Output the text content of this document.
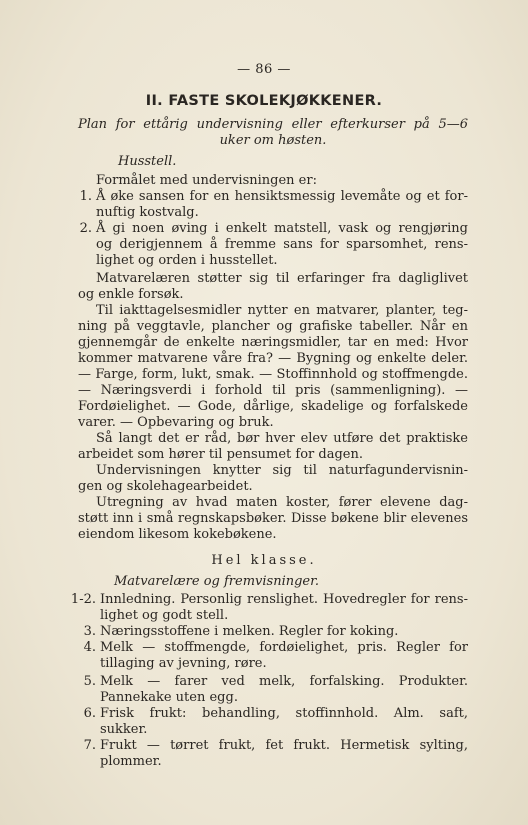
— 86 —
II. FASTE SKOLEKJØKKENER.
Plan for ettårig undervisning eller efterkurser på 5—6
uker om høsten.
Husstell.
Formålet med undervisningen er:
1. Å øke sansen for en hensiktsmessig levemåte og et for-
nuftig kostvalg.
2. Å gi noen øving i enkelt matstell, vask og rengjøring
og derigjennem å fremme sans for sparsomhet, rens-
lighet og orden i husstellet.
Matvarelæren støtter sig til erfaringer fra dagliglivet
og enkle forsøk.
Til iakttagelsesmidler nytter en matvarer, planter, teg-
ning på veggtavle, plancher og grafiske tabeller. Når en
gjennemgår de enkelte næringsmidler, tar en med: Hvor
kommer matvarene våre fra? — Bygning og enkelte deler.
— Farge, form, lukt, smak. — Stoffinnhold og stoffmengde.
— Næringsverdi i forhold til pris (sammenligning). —
Fordøielighet. — Gode, dårlige, skadelige og forfalskede
varer. — Opbevaring og bruk.
Så langt det er råd, bør hver elev utføre det praktiske
arbeidet som hører til pensumet for dagen.
Undervisningen knytter sig til naturfagundervisnin-
gen og skolehagearbeidet.
Utregning av hvad maten koster, fører elevene dag-
støtt inn i små regnskapsbøker. Disse bøkene blir elevenes
eiendom likesom kokebøkene.
Hel klasse.
Matvarelære og fremvisninger.
1-2. Innledning. Personlig renslighet. Hovedregler for rens-
lighet og godt stell.
3. Næringsstoffene i melken. Regler for koking.
4. Melk — stoffmengde, fordøielighet, pris. Regler for
tillaging av jevning, røre.
5. Melk — farer ved melk, forfalsking. Produkter.
Pannekake uten egg.
6. Frisk frukt: behandling, stoffinnhold. Alm. saft,
sukker.
7. Frukt — tørret frukt, fet frukt. Hermetisk sylting,
plommer.
